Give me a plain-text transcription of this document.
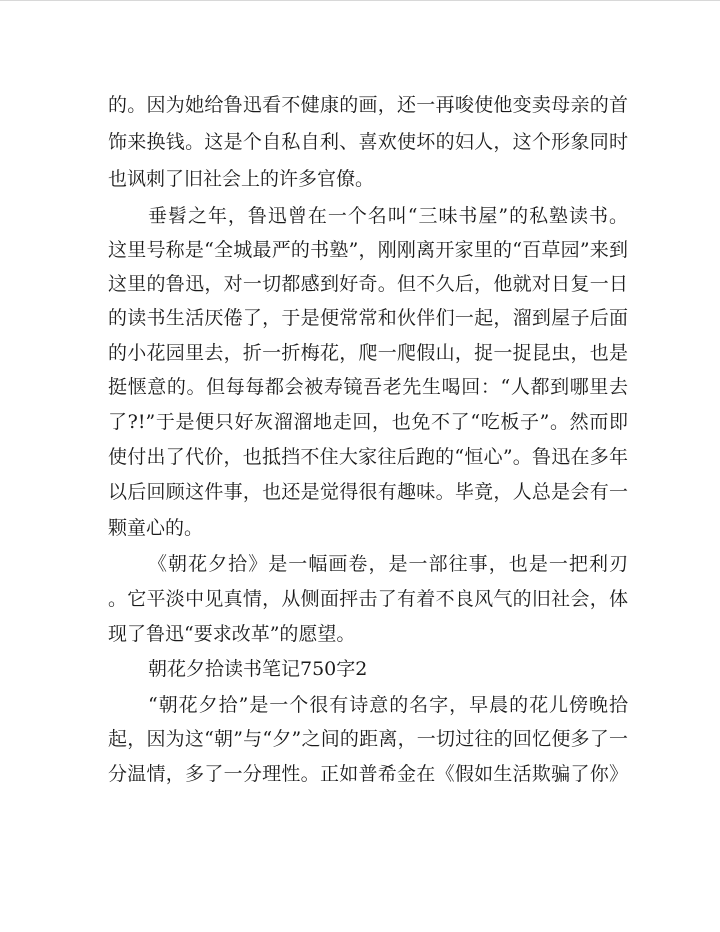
的。因为她给鲁迅看不健康的画，还一再唆使他变卖母亲的首
饰来换钱。这是个自私自利、喜欢使坏的妇人，这个形象同时
也讽刺了旧社会上的许多官僚。
垂髫之年，鲁迅曾在一个名叫“三味书屋”的私塾读书。
这里号称是“全城最严的书塾”，刚刚离开家里的“百草园”来到
这里的鲁迅，对一切都感到好奇。但不久后，他就对日复一日
的读书生活厌倦了，于是便常常和伙伴们一起，溜到屋子后面
的小花园里去，折一折梅花，爬一爬假山，捉一捉昆虫，也是
挺惬意的。但每每都会被寿镜吾老先生喝回：“人都到哪里去
了?!”于是便只好灰溜溜地走回，也免不了“吃板子”。然而即
使付出了代价，也抵挡不住大家往后跑的“恒心”。鲁迅在多年
以后回顾这件事，也还是觉得很有趣味。毕竟，人总是会有一
颗童心的。
《朝花夕拾》是一幅画卷，是一部往事，也是一把利刃
。它平淡中见真情，从侧面抨击了有着不良风气的旧社会，体
现了鲁迅“要求改革”的愿望。
朝花夕拾读书笔记750字2
“朝花夕拾”是一个很有诗意的名字，早晨的花儿傍晚拾
起，因为这“朝”与“夕”之间的距离，一切过往的回忆便多了一
分温情，多了一分理性。正如普希金在《假如生活欺骗了你》
